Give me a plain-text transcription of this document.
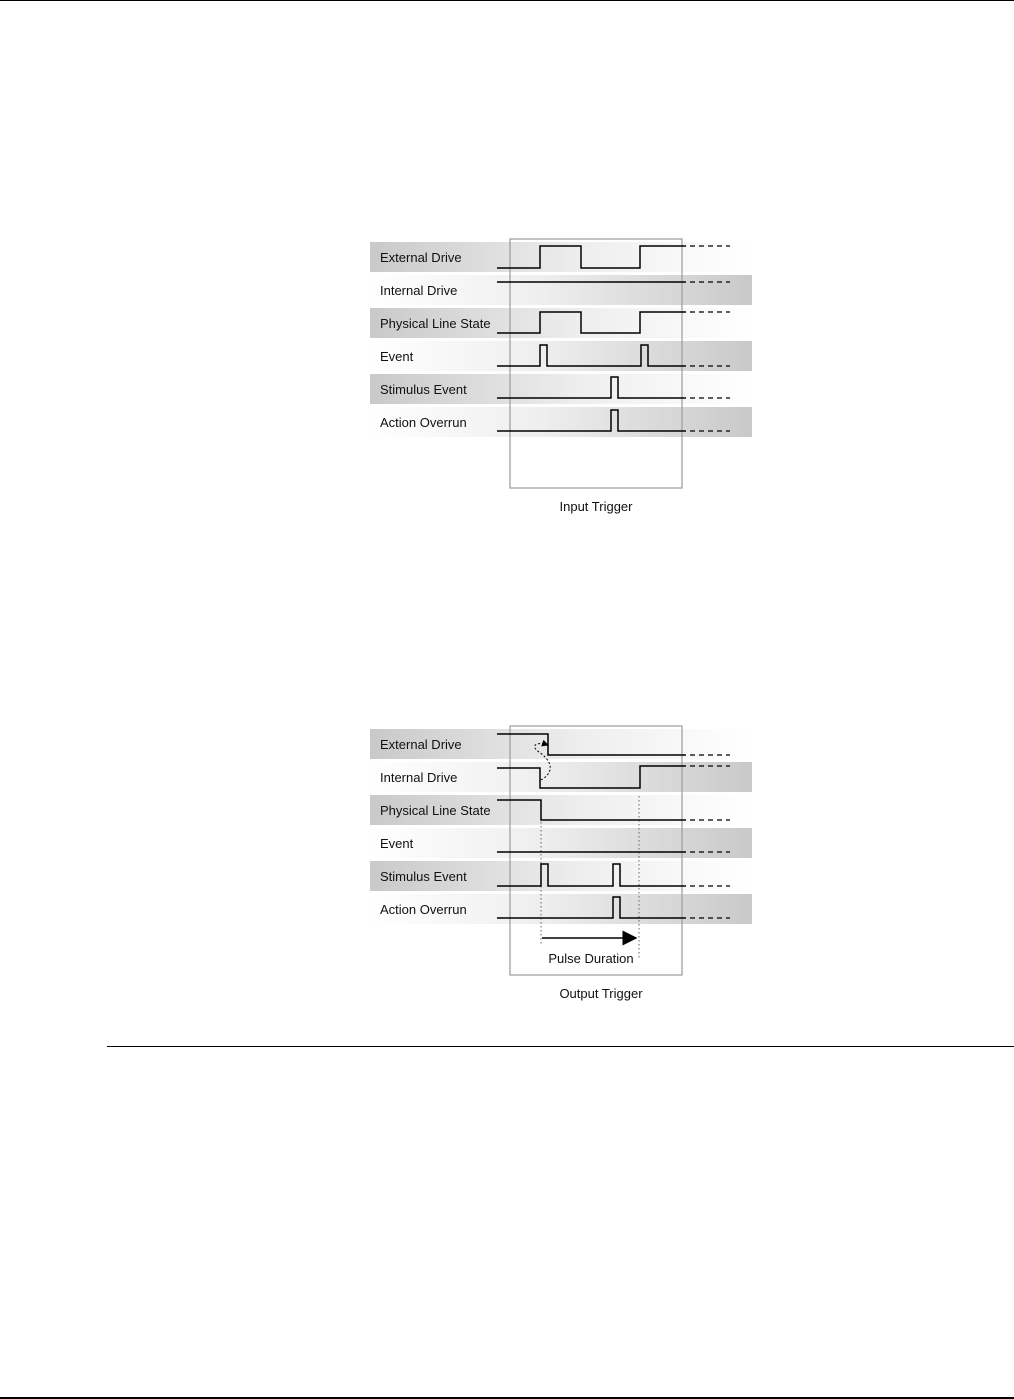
External Drive
Internal Drive
Physical Line State
Event
Stimulus Event
Action Overrun
Input Trigger
External Drive
Internal Drive
Physical Line State
Event
Stimulus Event
Action Overrun
Pulse Duration
Output Trigger
